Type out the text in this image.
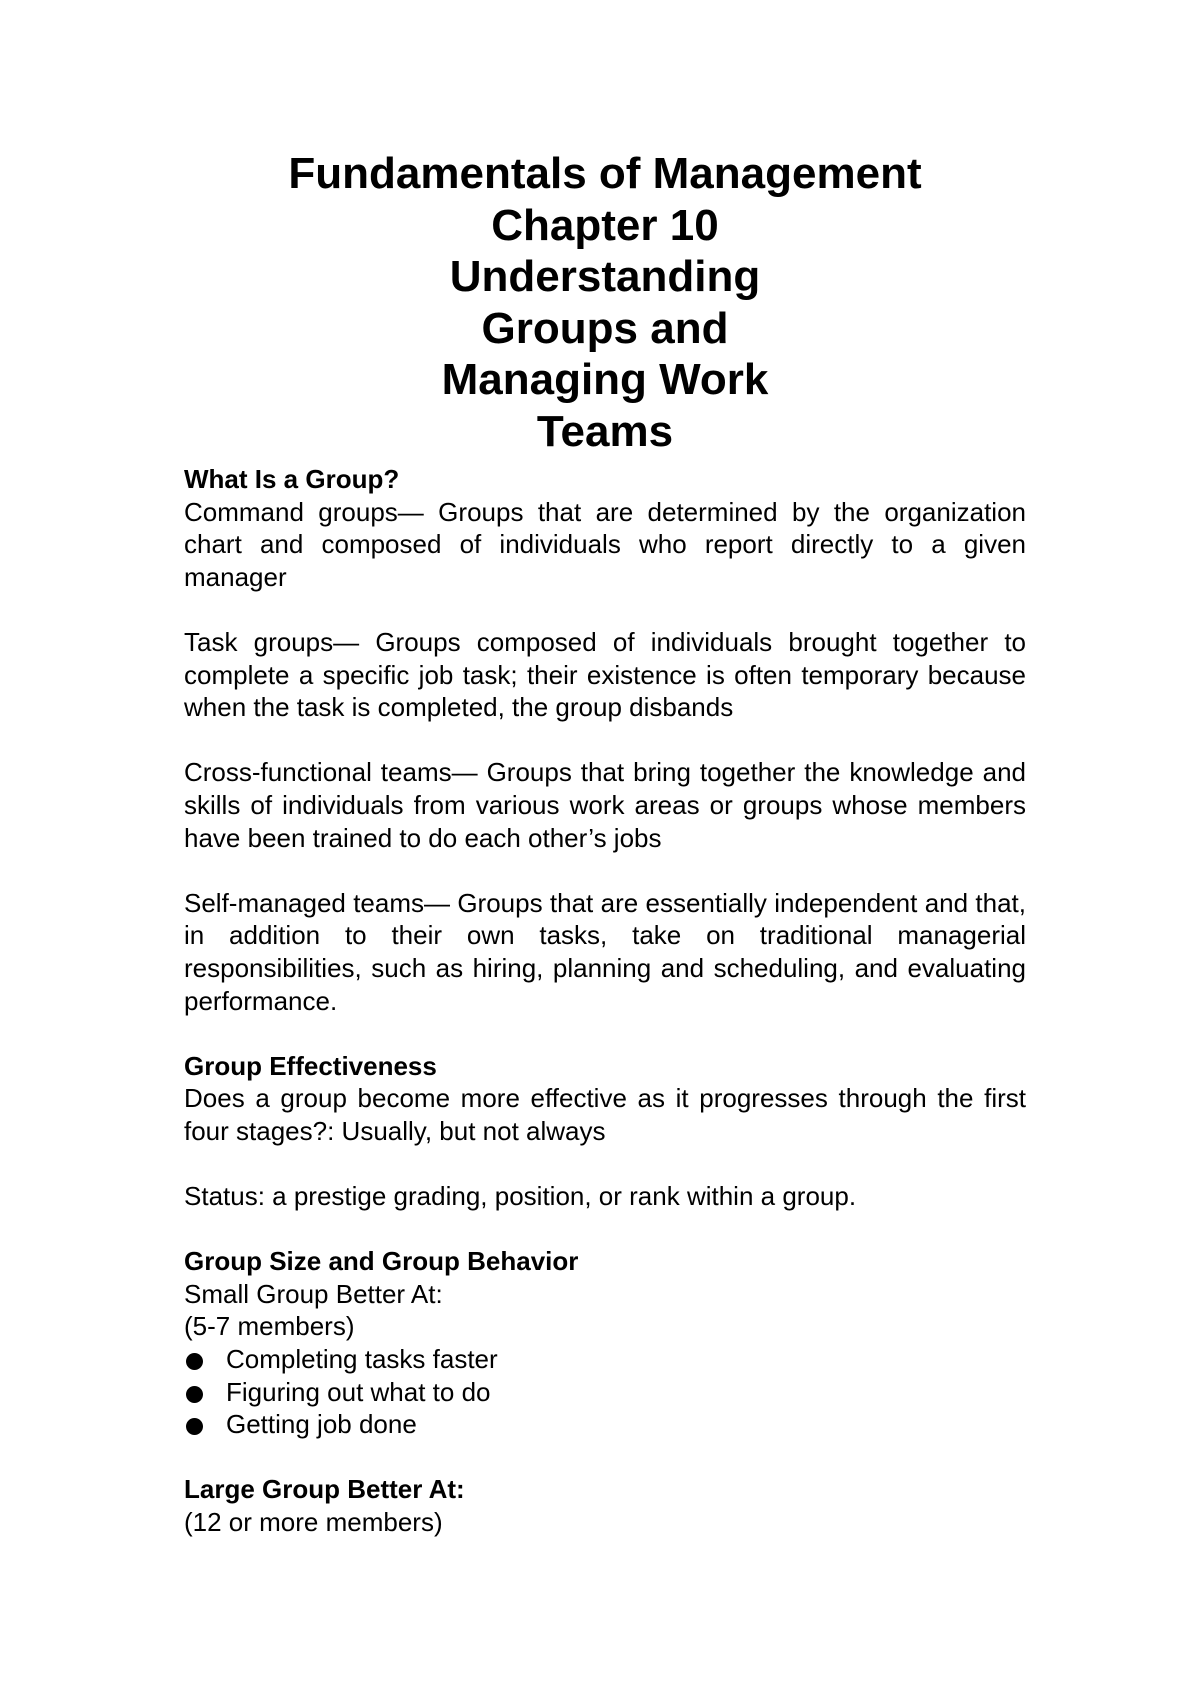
Fundamentals of Management
Chapter 10
Understanding
Groups and
Managing Work
Teams
What Is a Group?

Command groups— Groups that are determined by the organization chart and composed of individuals who report directly to a given manager

Task groups— Groups composed of individuals brought together to complete a specific job task; their existence is often temporary because when the task is completed, the group disbands

Cross-functional teams— Groups that bring together the knowledge and skills of individuals from various work areas or groups whose members have been trained to do each other’s jobs

Self-managed teams— Groups that are essentially independent and that, in addition to their own tasks, take on traditional managerial responsibilities, such as hiring, planning and scheduling, and evaluating performance.

Group Effectiveness

Does a group become more effective as it progresses through the first four stages?: Usually, but not always

Status: a prestige grading, position, or rank within a group.

Group Size and Group Behavior
Small Group Better At:
(5-7 members)
Completing tasks faster
Figuring out what to do
Getting job done
Large Group Better At:
(12 or more members)
